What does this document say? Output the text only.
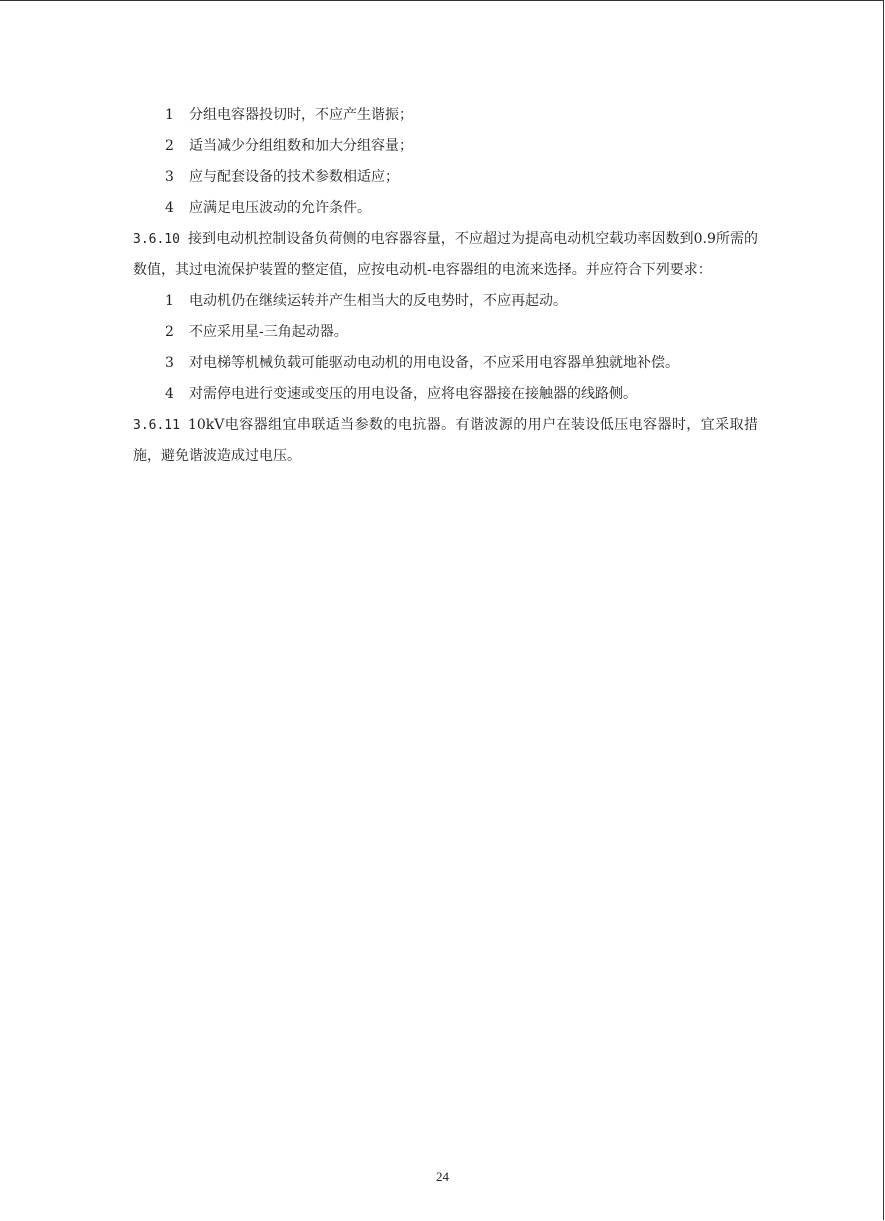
1 分组电容器投切时，不应产生谐振；
2 适当减少分组组数和加大分组容量；
3 应与配套设备的技术参数相适应；
4 应满足电压波动的允许条件。
3.6.10 接到电动机控制设备负荷侧的电容器容量，不应超过为提高电动机空载功率因数到0.9所需的数值，其过电流保护装置的整定值，应按电动机-电容器组的电流来选择。并应符合下列要求：
1 电动机仍在继续运转并产生相当大的反电势时，不应再起动。
2 不应采用星-三角起动器。
3 对电梯等机械负载可能驱动电动机的用电设备，不应采用电容器单独就地补偿。
4 对需停电进行变速或变压的用电设备，应将电容器接在接触器的线路侧。
3.6.11 10kV电容器组宜串联适当参数的电抗器。有谐波源的用户在装设低压电容器时，宜采取措施，避免谐波造成过电压。
24
